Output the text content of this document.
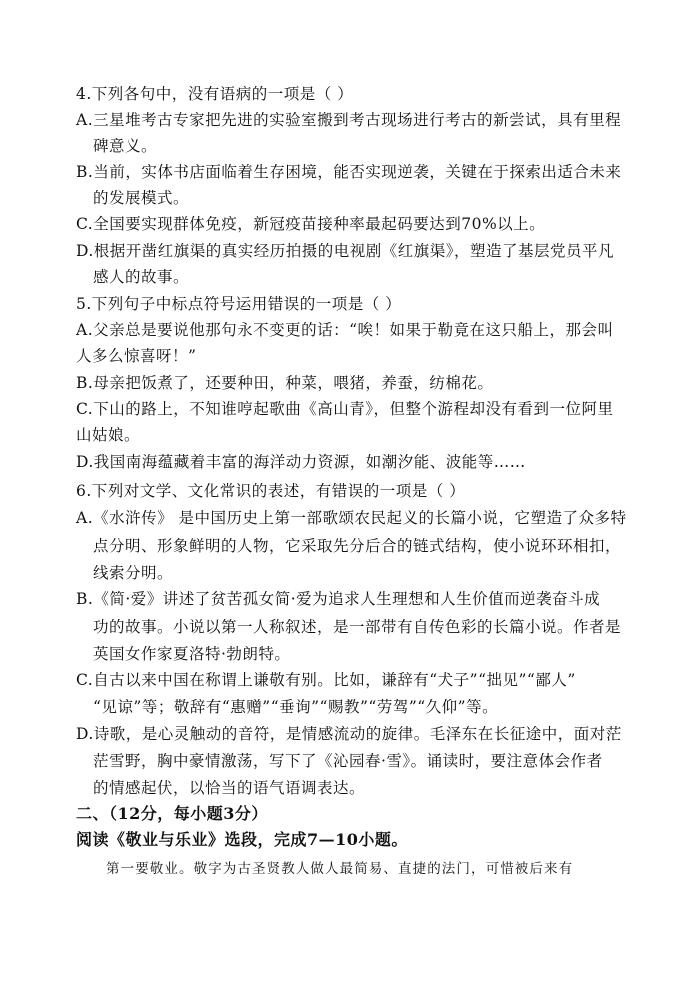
4.下列各句中，没有语病的一项是（ ）
A.三星堆考古专家把先进的实验室搬到考古现场进行考古的新尝试，具有里程
碑意义。
B.当前，实体书店面临着生存困境，能否实现逆袭，关键在于探索出适合未来
的发展模式。
C.全国要实现群体免疫，新冠疫苗接种率最起码要达到70%以上。
D.根据开凿红旗渠的真实经历拍摄的电视剧《红旗渠》，塑造了基层党员平凡
感人的故事。
5.下列句子中标点符号运用错误的一项是（ ）
A.父亲总是要说他那句永不变更的话：“唉！如果于勒竟在这只船上，那会叫
人多么惊喜呀！”
B.母亲把饭煮了，还要种田，种菜，喂猪，养蚕，纺棉花。
C.下山的路上，不知谁哼起歌曲《高山青》，但整个游程却没有看到一位阿里
山姑娘。
D.我国南海蕴藏着丰富的海洋动力资源，如潮汐能、波能等……
6.下列对文学、文化常识的表述，有错误的一项是（ ）
A.《水浒传》 是中国历史上第一部歌颂农民起义的长篇小说，它塑造了众多特
点分明、形象鲜明的人物，它采取先分后合的链式结构，使小说环环相扣，
线索分明。
B.《简·爱》讲述了贫苦孤女简·爱为追求人生理想和人生价值而逆袭奋斗成
功的故事。小说以第一人称叙述，是一部带有自传色彩的长篇小说。作者是
英国女作家夏洛特·勃朗特。
C.自古以来中国在称谓上谦敬有别。比如，谦辞有“犬子”“拙见”“鄙人”
“见谅”等；敬辞有“惠赠”“垂询”“赐教”“劳驾”“久仰”等。
D.诗歌，是心灵触动的音符，是情感流动的旋律。毛泽东在长征途中，面对茫
茫雪野，胸中豪情激荡，写下了《沁园春·雪》。诵读时，要注意体会作者
的情感起伏，以恰当的语气语调表达。
二、（12分，每小题3分）
阅读《敬业与乐业》选段，完成7—10小题。
第一要敬业。敬字为古圣贤教人做人最简易、直捷的法门，可惜被后来有
